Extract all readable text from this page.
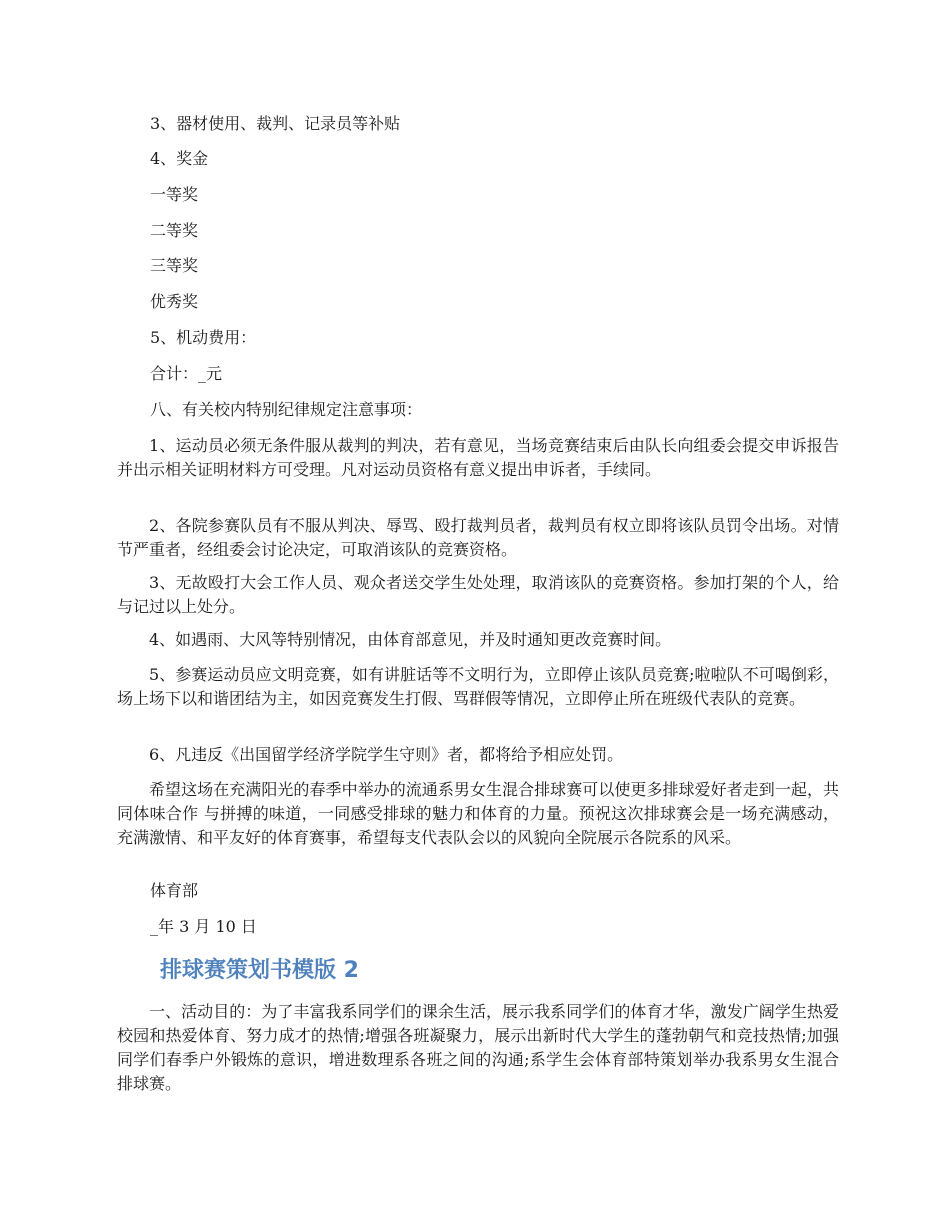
3、器材使用、裁判、记录员等补贴
4、奖金
一等奖
二等奖
三等奖
优秀奖
5、机动费用：
合计：_元
八、有关校内特别纪律规定注意事项：
1、运动员必须无条件服从裁判的判决，若有意见，当场竞赛结束后由队长向组委会提交申诉报告并出示相关证明材料方可受理。凡对运动员资格有意义提出申诉者，手续同。
2、各院参赛队员有不服从判决、辱骂、殴打裁判员者，裁判员有权立即将该队员罚令出场。对情节严重者，经组委会讨论决定，可取消该队的竞赛资格。
3、无故殴打大会工作人员、观众者送交学生处处理，取消该队的竞赛资格。参加打架的个人，给与记过以上处分。
4、如遇雨、大风等特别情况，由体育部意见，并及时通知更改竞赛时间。
5、参赛运动员应文明竞赛，如有讲脏话等不文明行为，立即停止该队员竞赛;啦啦队不可喝倒彩，场上场下以和谐团结为主，如因竞赛发生打假、骂群假等情况，立即停止所在班级代表队的竞赛。
6、凡违反《出国留学经济学院学生守则》者，都将给予相应处罚。
希望这场在充满阳光的春季中举办的流通系男女生混合排球赛可以使更多排球爱好者走到一起，共同体味合作 与拼搏的味道，一同感受排球的魅力和体育的力量。预祝这次排球赛会是一场充满感动，充满激情、和平友好的体育赛事，希望每支代表队会以的风貌向全院展示各院系的风采。
体育部
_年 3 月 10 日
排球赛策划书模版 2
一、活动目的：为了丰富我系同学们的课余生活，展示我系同学们的体育才华，激发广阔学生热爱校园和热爱体育、努力成才的热情;增强各班凝聚力，展示出新时代大学生的蓬勃朝气和竞技热情;加强同学们春季户外锻炼的意识，增进数理系各班之间的沟通;系学生会体育部特策划举办我系男女生混合排球赛。
